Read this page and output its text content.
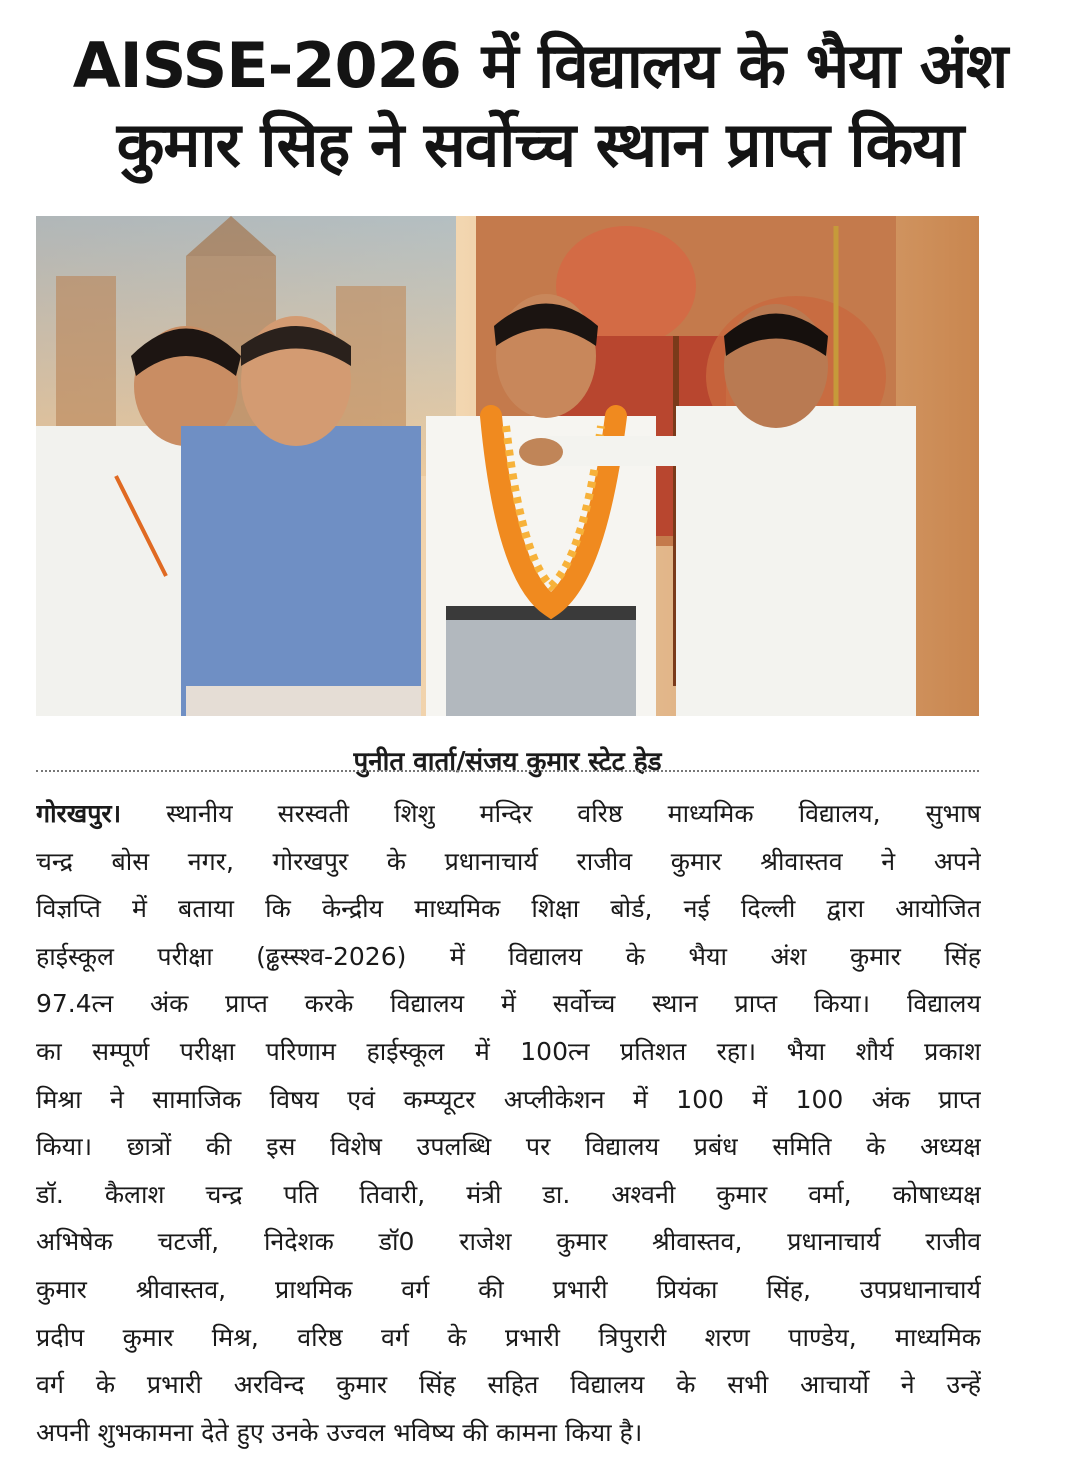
AISSE-2026 में विद्यालय के भैया अंश
कुमार सिह ने सर्वोच्च स्थान प्राप्त किया
पुनीत वार्ता/संजय कुमार स्टेट हेड
गोरखपुर। स्थानीय सरस्वती शिशु मन्दिर वरिष्ठ माध्यमिक विद्यालय, सुभाष
चन्द्र बोस नगर, गोरखपुर के प्रधानाचार्य राजीव कुमार श्रीवास्तव ने अपने
विज्ञप्ति में बताया कि केन्द्रीय माध्यमिक शिक्षा बोर्ड, नई दिल्ली द्वारा आयोजित
हाईस्कूल परीक्षा (ढ्ढस्स्श्व-2026) में विद्यालय के भैया अंश कुमार सिंह
97.4त्न अंक प्राप्त करके विद्यालय में सर्वोच्च स्थान प्राप्त किया। विद्यालय
का सम्पूर्ण परीक्षा परिणाम हाईस्कूल में 100त्न प्रतिशत रहा। भैया शौर्य प्रकाश
मिश्रा ने सामाजिक विषय एवं कम्प्यूटर अप्लीकेशन में 100 में 100 अंक प्राप्त
किया। छात्रों की इस विशेष उपलब्धि पर विद्यालय प्रबंध समिति के अध्यक्ष
डॉ. कैलाश चन्द्र पति तिवारी, मंत्री डा. अश्वनी कुमार वर्मा, कोषाध्यक्ष
अभिषेक चटर्जी, निदेशक डॉ0 राजेश कुमार श्रीवास्तव, प्रधानाचार्य राजीव
कुमार श्रीवास्तव, प्राथमिक वर्ग की प्रभारी प्रियंका सिंह, उपप्रधानाचार्य
प्रदीप कुमार मिश्र, वरिष्ठ वर्ग के प्रभारी त्रिपुरारी शरण पाण्डेय, माध्यमिक
वर्ग के प्रभारी अरविन्द कुमार सिंह सहित विद्यालय के सभी आचार्यो ने उन्हें
अपनी शुभकामना देते हुए उनके उज्वल भविष्य की कामना किया है।
